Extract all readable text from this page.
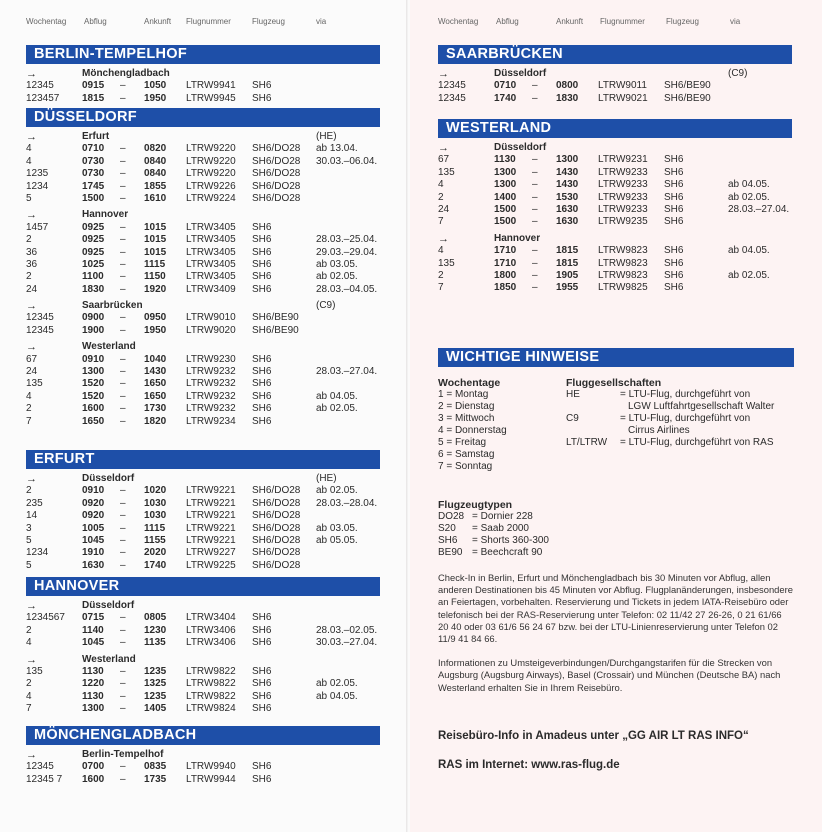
Wochentag Abflug	Ankunft Flugnummer	Flugzeug	via
BERLIN-TEMPELHOF
→	Mönchengladbach
12345	0915 – 1050 LTRW9941 SH6
123457 1815 – 1950 LTRW9945 SH6
DÜSSELDORF
→	Erfurt	(HE)
4	0710 – 0820 LTRW9220 SH6/DO28 ab 13.04.
4	0730 – 0840 LTRW9220 SH6/DO28 30.03.–06.04.
1235	0730 – 0840 LTRW9220 SH6/DO28
1234	1745 – 1855 LTRW9226 SH6/DO28
5	1500 – 1610 LTRW9224 SH6/DO28
→	Hannover
1457	0925 – 1015 LTRW3405 SH6
2	0925 – 1015 LTRW3405 SH6	28.03.–25.04.
36	0925 – 1015 LTRW3405 SH6	29.03.–29.04.
36	1025 – 1115 LTRW3405 SH6	ab 03.05.
2	1100 – 1150 LTRW3405 SH6	ab 02.05.
24	1830 – 1920 LTRW3409 SH6	28.03.–04.05.
→	Saarbrücken	(C9)
12345	0900 – 0950 LTRW9010 SH6/BE90
12345	1900 – 1950 LTRW9020 SH6/BE90
→	Westerland
67	0910 – 1040 LTRW9230 SH6
24	1300 – 1430 LTRW9232 SH6	28.03.–27.04.
135	1520 – 1650 LTRW9232 SH6
4	1520 – 1650 LTRW9232 SH6	ab 04.05.
2	1600 – 1730 LTRW9232 SH6	ab 02.05.
7	1650 – 1820 LTRW9234 SH6
ERFURT
→	Düsseldorf	(HE)
2	0910 – 1020 LTRW9221 SH6/DO28 ab 02.05.
235	0920 – 1030 LTRW9221 SH6/DO28 28.03.–28.04.
14	0920 – 1030 LTRW9221 SH6/DO28
3	1005 – 1115 LTRW9221 SH6/DO28 ab 03.05.
5	1045 – 1155 LTRW9221 SH6/DO28 ab 05.05.
1234	1910 – 2020 LTRW9227 SH6/DO28
5	1630 – 1740 LTRW9225 SH6/DO28
HANNOVER
→	Düsseldorf
1234567 0715 – 0805 LTRW3404 SH6
2	1140 – 1230 LTRW3406 SH6	28.03.–02.05.
4	1045 – 1135 LTRW3406 SH6	30.03.–27.04.
→	Westerland
135	1130 – 1235 LTRW9822 SH6
2	1220 – 1325 LTRW9822 SH6	ab 02.05.
4	1130 – 1235 LTRW9822 SH6	ab 04.05.
7	1300 – 1405 LTRW9824 SH6
MÖNCHENGLADBACH
→	Berlin-Tempelhof
12345	0700 – 0835 LTRW9940 SH6
12345 7 1600 – 1735 LTRW9944 SH6
Wochentag Abflug	Ankunft Flugnummer	Flugzeug	via
SAARBRÜCKEN
→	Düsseldorf	(C9)
12345	0710 – 0800 LTRW9011 SH6/BE90
12345	1740 – 1830 LTRW9021 SH6/BE90
WESTERLAND
→	Düsseldorf
67	1130 – 1300 LTRW9231 SH6
135	1300 – 1430 LTRW9233 SH6
4	1300 – 1430 LTRW9233 SH6	ab 04.05.
2	1400 – 1530 LTRW9233 SH6	ab 02.05.
24	1500 – 1630 LTRW9233 SH6	28.03.–27.04.
7	1500 – 1630 LTRW9235 SH6
→	Hannover
4	1710 – 1815 LTRW9823 SH6	ab 04.05.
135	1710 – 1815 LTRW9823 SH6
2	1800 – 1905 LTRW9823 SH6	ab 02.05.
7	1850 – 1955 LTRW9825 SH6
WICHTIGE HINWEISE
Wochentage
1 = Montag
2 = Dienstag
3 = Mittwoch
4 = Donnerstag
5 = Freitag
6 = Samstag
7 = Sonntag
Fluggesellschaften
HE	= LTU-Flug, durchgeführt von
LGW Luftfahrtgesellschaft Walter
C9	= LTU-Flug, durchgeführt von
Cirrus Airlines
LT/LTRW = LTU-Flug, durchgeführt von RAS
Flugzeugtypen
DO28 = Dornier 228
S20 = Saab 2000
SH6 = Shorts 360-300
BE90 = Beechcraft 90
Check-In in Berlin, Erfurt und Mönchengladbach bis 30 Minuten vor Abflug, allen anderen Destinationen bis 45 Minuten vor Abflug. Flugplanänderungen, insbesondere an Feiertagen, vorbehalten. Reservierung und Tickets in jedem IATA-Reisebüro oder telefonisch bei der RAS-Reservierung unter Telefon: 02 11/42 27 26-26, 0 21 61/66 20 40 oder 03 61/6 56 24 67 bzw. bei der LTU-Linienreservierung unter Telefon 02 11/9 41 84 66.
Informationen zu Umsteigeverbindungen/Durchgangstarifen für die Strecken von Augsburg (Augsburg Airways), Basel (Crossair) und München (Deutsche BA) nach Westerland erhalten Sie in Ihrem Reisebüro.
Reisebüro-Info in Amadeus unter „GG AIR LT RAS INFO“
RAS im Internet: www.ras-flug.de
